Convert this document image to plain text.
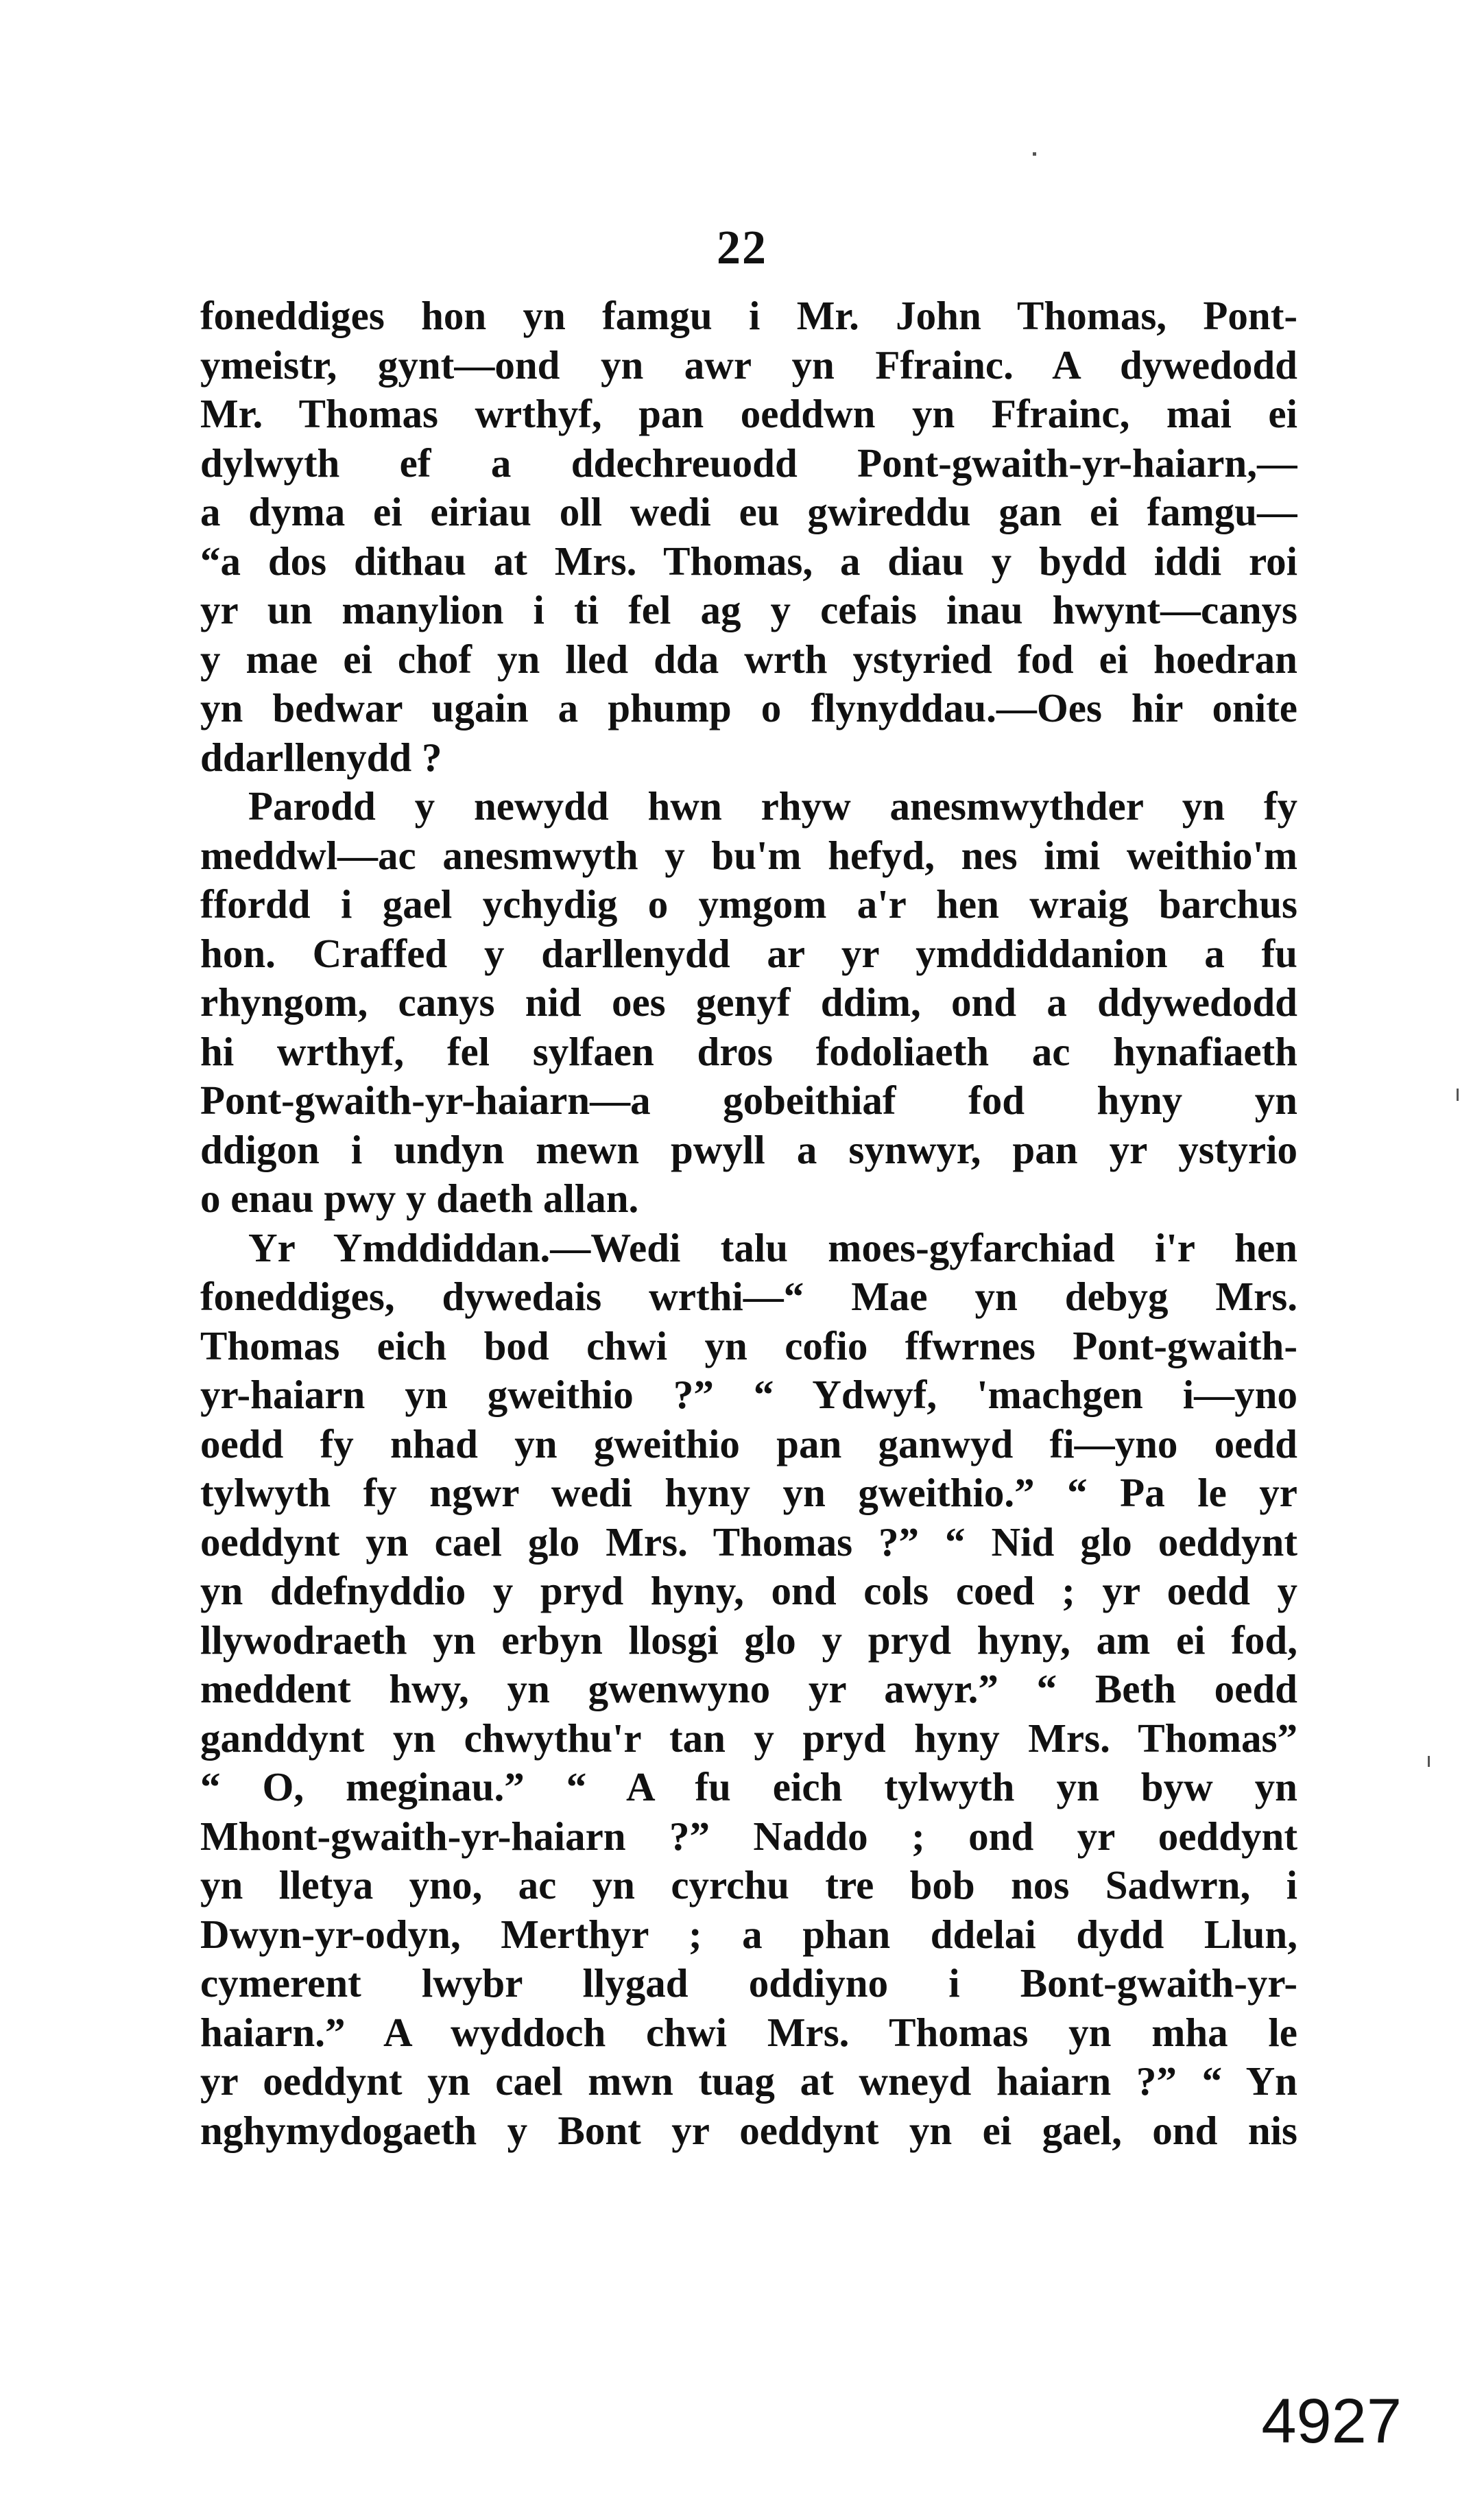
22
foneddiges hon yn famgu i Mr. John Thomas, Pont-
ymeistr, gynt—ond yn awr yn Ffrainc. A dywedodd
Mr. Thomas wrthyf, pan oeddwn yn Ffrainc, mai ei
dylwyth ef a ddechreuodd Pont-gwaith-yr-haiarn,—
a dyma ei eiriau oll wedi eu gwireddu gan ei famgu—
“a dos dithau at Mrs. Thomas, a diau y bydd iddi roi
yr un manylion i ti fel ag y cefais inau hwynt—canys
y mae ei chof yn lled dda wrth ystyried fod ei hoedran
yn bedwar ugain a phump o flynyddau.—Oes hir onite
ddarllenydd ?
Parodd y newydd hwn rhyw anesmwythder yn fy
meddwl—ac anesmwyth y bu'm hefyd, nes imi weithio'm
ffordd i gael ychydig o ymgom a'r hen wraig barchus
hon. Craffed y darllenydd ar yr ymddiddanion a fu
rhyngom, canys nid oes genyf ddim, ond a ddywedodd
hi wrthyf, fel sylfaen dros fodoliaeth ac hynafiaeth
Pont-gwaith-yr-haiarn—a gobeithiaf fod hyny yn
ddigon i undyn mewn pwyll a synwyr, pan yr ystyrio
o enau pwy y daeth allan.
Yr Ymddiddan.—Wedi talu moes-gyfarchiad i'r hen
foneddiges, dywedais wrthi—“ Mae yn debyg Mrs.
Thomas eich bod chwi yn cofio ffwrnes Pont-gwaith-
yr-haiarn yn gweithio ?” “ Ydwyf, 'machgen i—yno
oedd fy nhad yn gweithio pan ganwyd fi—yno oedd
tylwyth fy ngwr wedi hyny yn gweithio.” “ Pa le yr
oeddynt yn cael glo Mrs. Thomas ?” “ Nid glo oeddynt
yn ddefnyddio y pryd hyny, ond cols coed ; yr oedd y
llywodraeth yn erbyn llosgi glo y pryd hyny, am ei fod,
meddent hwy, yn gwenwyno yr awyr.” “ Beth oedd
ganddynt yn chwythu'r tan y pryd hyny Mrs. Thomas”
“ O, meginau.” “ A fu eich tylwyth yn byw yn
Mhont-gwaith-yr-haiarn ?” Naddo ; ond yr oeddynt
yn lletya yno, ac yn cyrchu tre bob nos Sadwrn, i
Dwyn-yr-odyn, Merthyr ; a phan ddelai dydd Llun,
cymerent lwybr llygad oddiyno i Bont-gwaith-yr-
haiarn.” A wyddoch chwi Mrs. Thomas yn mha le
yr oeddynt yn cael mwn tuag at wneyd haiarn ?” “ Yn
nghymydogaeth y Bont yr oeddynt yn ei gael, ond nis
4927
